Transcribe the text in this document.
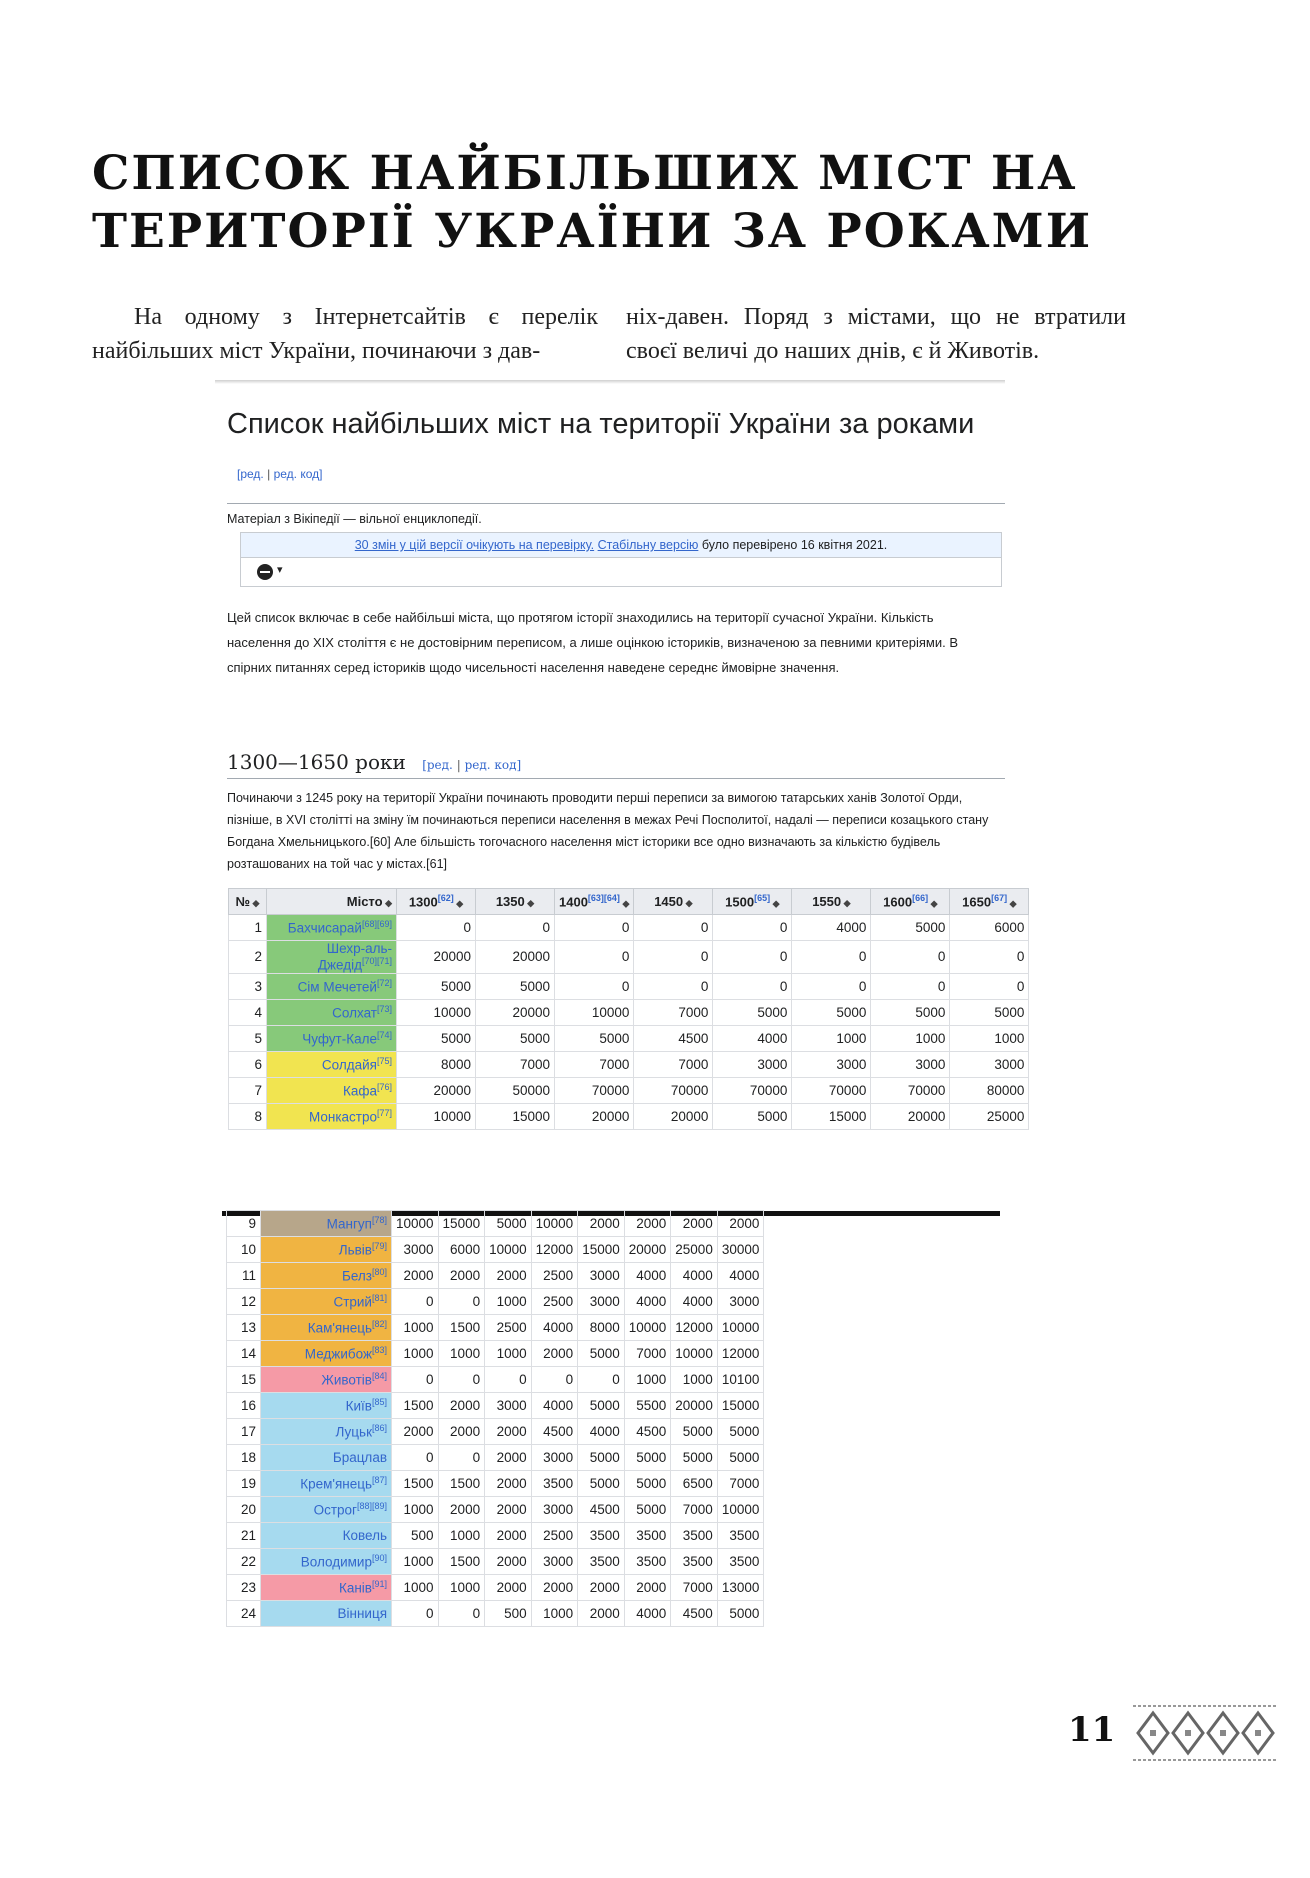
СПИСОК НАЙБІЛЬШИХ МІСТ НА ТЕРИТОРІЇ УКРАЇНИ ЗА РОКАМИ

На одному з Інтернетсайтів є перелік найбільших міст України, починаючи з дав-

ніх-давен. Поряд з містами, що не втратили своєї величі до наших днів, є й Животів.

Список найбільших міст на території України за роками [ред. | ред. код]
Матеріал з Вікіпедії — вільної енциклопедії.
30 змін у цій версії очікують на перевірку. Стабільну версію було перевірено 16 квітня 2021.
▾

Цей список включає в себе найбільші міста, що протягом історії знаходились на території сучасної України. Кількість населення до XIX століття є не достовірним переписом, а лише оцінкою істориків, визначеною за певними критеріями. В спірних питаннях серед істориків щодо чисельності населення наведене середнє ймовірне значення.

1300—1650 роки [ред. | ред. код]

Починаючи з 1245 року на території України починають проводити перші переписи за вимогою татарських ханів Золотої Орди, пізніше, в XVI столітті на зміну їм починаються переписи населення в межах Речі Посполитої, надалі — переписи козацького стану Богдана Хмельницького.[60] Але більшість тогочасного населення міст історики все одно визначають за кількістю будівель розташованих на той час у містах.[61]

№ ◆	Місто ◆	1300[62] ◆	1350 ◆	1400[63][64] ◆	1450 ◆	1500[65] ◆	1550 ◆	1600[66] ◆	1650[67] ◆
1	Бахчисарай[68][69]	0	0	0	0	0	4000	5000	6000
2	Шехр-аль-Джедід[70][71]	20000	20000	0	0	0	0	0	0
3	Сім Мечетей[72]	5000	5000	0	0	0	0	0	0
4	Солхат[73]	10000	20000	10000	7000	5000	5000	5000	5000
5	Чуфут-Кале[74]	5000	5000	5000	4500	4000	1000	1000	1000
6	Солдайя[75]	8000	7000	7000	7000	3000	3000	3000	3000
7	Кафа[76]	20000	50000	70000	70000	70000	70000	70000	80000
8	Монкастро[77]	10000	15000	20000	20000	5000	15000	20000	25000
9	Мангуп[78]	10000	15000	5000	10000	2000	2000	2000	2000
10	Львів[79]	3000	6000	10000	12000	15000	20000	25000	30000
11	Белз[80]	2000	2000	2000	2500	3000	4000	4000	4000
12	Стрий[81]	0	0	1000	2500	3000	4000	4000	3000
13	Кам'янець[82]	1000	1500	2500	4000	8000	10000	12000	10000
14	Меджибож[83]	1000	1000	1000	2000	5000	7000	10000	12000
15	Животів[84]	0	0	0	0	0	1000	1000	10100
16	Київ[85]	1500	2000	3000	4000	5000	5500	20000	15000
17	Луцьк[86]	2000	2000	2000	4500	4000	4500	5000	5000
18	Брацлав	0	0	2000	3000	5000	5000	5000	5000
19	Крем'янець[87]	1500	1500	2000	3500	5000	5000	6500	7000
20	Острог[88][89]	1000	2000	2000	3000	4500	5000	7000	10000
21	Ковель	500	1000	2000	2500	3500	3500	3500	3500
22	Володимир[90]	1000	1500	2000	3000	3500	3500	3500	3500
23	Канів[91]	1000	1000	2000	2000	2000	2000	7000	13000
24	Вінниця	0	0	500	1000	2000	4000	4500	5000
11
